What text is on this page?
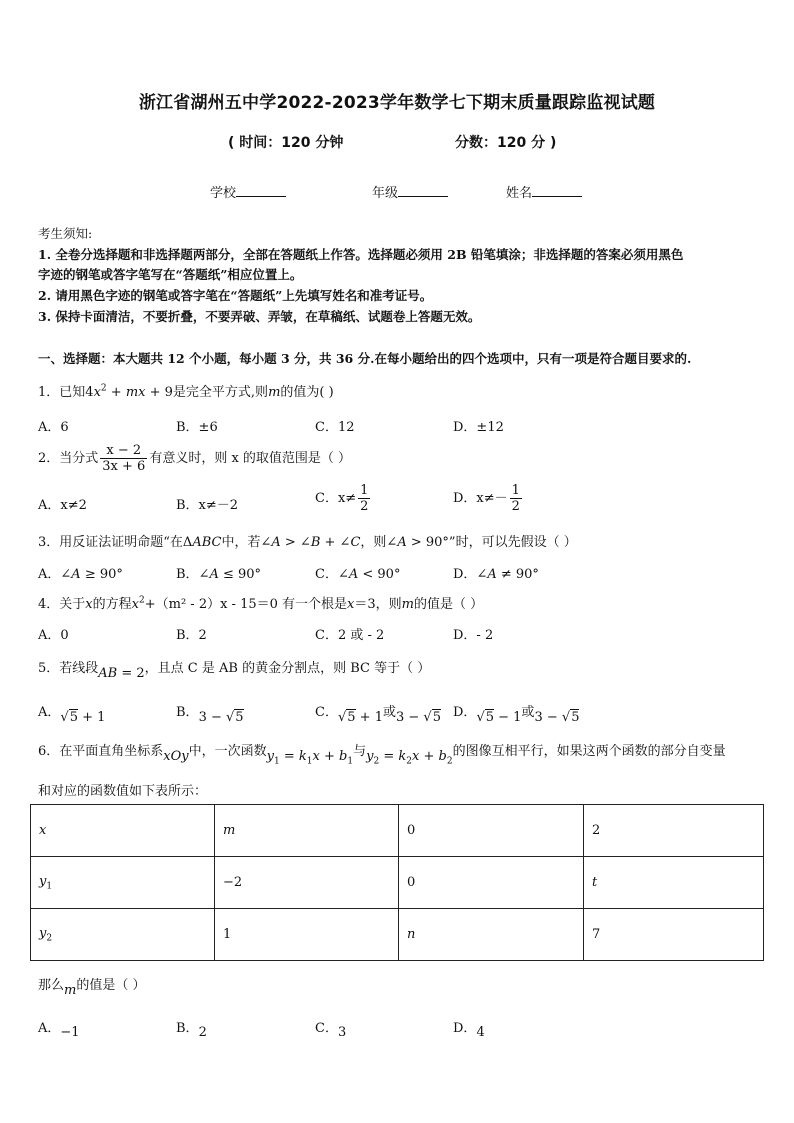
浙江省湖州五中学2022-2023学年数学七下期末质量跟踪监视试题
( 时间：120 分钟	分数：120 分 )
学校	年级	姓名
考生须知:
1. 全卷分选择题和非选择题两部分，全部在答题纸上作答。选择题必须用 2B 铅笔填涂；非选择题的答案必须用黑色
字迹的钢笔或答字笔写在“答题纸”相应位置上。
2. 请用黑色字迹的钢笔或答字笔在“答题纸”上先填写姓名和准考证号。
3. 保持卡面清洁，不要折叠，不要弄破、弄皱，在草稿纸、试题卷上答题无效。
一、选择题：本大题共 12 个小题，每小题 3 分，共 36 分.在每小题给出的四个选项中，只有一项是符合题目要求的.
1．已知$4x^2$ + mx + 9是完全平方式,则m的值为( )
A．6	B．±6	C．12	D．±12
2．当分式 $\frac{x - 2}{3x + 6}$ 有意义时，则 x 的取值范围是（ ）
A．x≠2	B．x≠－2	C．$x\ne \frac{1}{2}$	D．$x\ne- \frac{1}{2}$
3．用反证法证明命题“在ΔABC中，若∠A > ∠B + ∠C，则∠A > 90°”时，可以先假设（ ）
A．∠A ≥ 90°	B．∠A ≤ 90°	C．∠A < 90°	D．∠A ≠ 90°
4．关于x的方程$x^2+(m^2 - 2)x - 15=0$ 有一个根是x＝3，则m的值是（ ）
A．0	B．2	C．2 或 - 2	D．- 2
5．若线段AB = 2，且点 C 是 AB 的黄金分割点，则 BC 等于（ ）
A．√5 + 1	B．3 − √5	C．√5 + 1或3 − √5 D．√5 − 1或3 − √5
6．在平面直角坐标系xOy中，一次函数$y_1 = k_1x + b_1$与$y_2 = k_2x + b_2$的图像互相平行，如果这两个函数的部分自变量
和对应的函数值如下表所示：
x	m	0	2
$y_1$	−2	0	t
$y_2$	1	n	7
那么m的值是（ ）
A．−1	B．2	C．3	D．4
